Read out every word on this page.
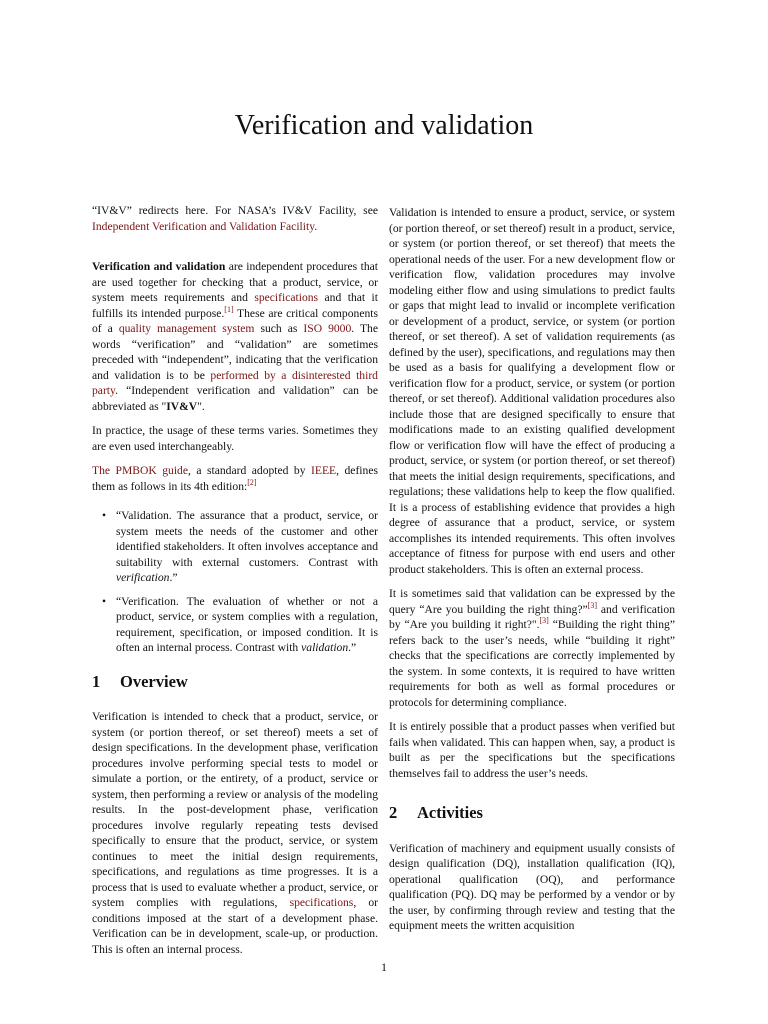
Verification and validation

“IV&V” redirects here. For NASA’s IV&V Facility, see Independent Verification and Validation Facility.

Verification and validation are independent procedures that are used together for checking that a product, service, or system meets requirements and specifications and that it fulfills its intended purpose.[1] These are critical components of a quality management system such as ISO 9000. The words “verification” and “validation” are sometimes preceded with “independent”, indicating that the verification and validation is to be performed by a disinterested third party. “Independent verification and validation” can be abbreviated as "IV&V".

In practice, the usage of these terms varies. Sometimes they are even used interchangeably.

The PMBOK guide, a standard adopted by IEEE, defines them as follows in its 4th edition:[2]

• “Validation. The assurance that a product, service, or system meets the needs of the customer and other identified stakeholders. It often involves acceptance and suitability with external customers. Contrast with verification.”
• “Verification. The evaluation of whether or not a product, service, or system complies with a regulation, requirement, specification, or imposed condition. It is often an internal process. Contrast with validation.”
1 Overview

Verification is intended to check that a product, service, or system (or portion thereof, or set thereof) meets a set of design specifications. In the development phase, verification procedures involve performing special tests to model or simulate a portion, or the entirety, of a product, service or system, then performing a review or analysis of the modeling results. In the post-development phase, verification procedures involve regularly repeating tests devised specifically to ensure that the product, service, or system continues to meet the initial design requirements, specifications, and regulations as time progresses. It is a process that is used to evaluate whether a product, service, or system complies with regulations, specifications, or conditions imposed at the start of a development phase. Verification can be in development, scale-up, or production. This is often an internal process.

Validation is intended to ensure a product, service, or system (or portion thereof, or set thereof) result in a product, service, or system (or portion thereof, or set thereof) that meets the operational needs of the user. For a new development flow or verification flow, validation procedures may involve modeling either flow and using simulations to predict faults or gaps that might lead to invalid or incomplete verification or development of a product, service, or system (or portion thereof, or set thereof). A set of validation requirements (as defined by the user), specifications, and regulations may then be used as a basis for qualifying a development flow or verification flow for a product, service, or system (or portion thereof, or set thereof). Additional validation procedures also include those that are designed specifically to ensure that modifications made to an existing qualified development flow or verification flow will have the effect of producing a product, service, or system (or portion thereof, or set thereof) that meets the initial design requirements, specifications, and regulations; these validations help to keep the flow qualified. It is a process of establishing evidence that provides a high degree of assurance that a product, service, or system accomplishes its intended requirements. This often involves acceptance of fitness for purpose with end users and other product stakeholders. This is often an external process.

It is sometimes said that validation can be expressed by the query “Are you building the right thing?”[3] and verification by “Are you building it right?".[3] “Building the right thing” refers back to the user’s needs, while “building it right” checks that the specifications are correctly implemented by the system. In some contexts, it is required to have written requirements for both as well as formal procedures or protocols for determining compliance.

It is entirely possible that a product passes when verified but fails when validated. This can happen when, say, a product is built as per the specifications but the specifications themselves fail to address the user’s needs.

2 Activities

Verification of machinery and equipment usually consists of design qualification (DQ), installation qualification (IQ), operational qualification (OQ), and performance qualification (PQ). DQ may be performed by a vendor or by the user, by confirming through review and testing that the equipment meets the written acquisition

1
